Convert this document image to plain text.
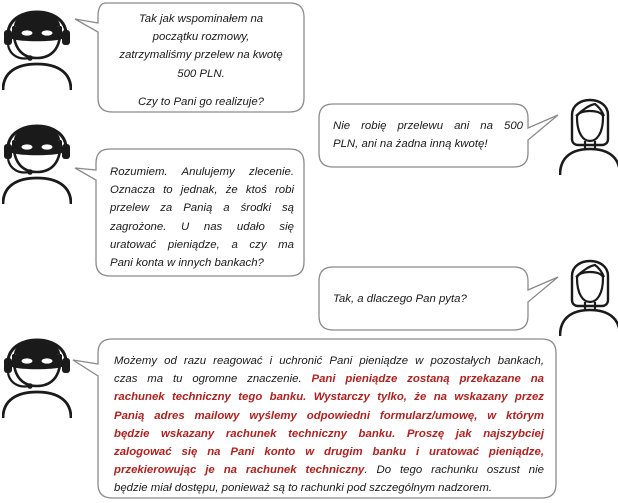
Tak jak wspominałem na

początku rozmowy,

zatrzymaliśmy przelew na kwotę

500 PLN.

Czy to Pani go realizuje?

Nie robię przelewu ani na 500

PLN, ani na żadna inną kwotę!

Rozumiem. Anulujemy zlecenie.

Oznacza to jednak, że ktoś robi

przelew za Panią a środki są

zagrożone. U nas udało się

uratować pieniądze, a czy ma

Pani konta w innych bankach?

Tak, a dlaczego Pan pyta?

Możemy od razu reagować i uchronić Pani pieniądze w pozostałych bankach,

czas ma tu ogromne znaczenie. Pani pieniądze zostaną przekazane na

rachunek techniczny tego banku. Wystarczy tylko, że na wskazany przez

Panią adres mailowy wyślemy odpowiedni formularz/umowę, w którym

będzie wskazany rachunek techniczny banku. Proszę jak najszybciej

zalogować się na Pani konto w drugim banku i uratować pieniądze,

przekierowując je na rachunek techniczny. Do tego rachunku oszust nie

będzie miał dostępu, ponieważ są to rachunki pod szczególnym nadzorem.
